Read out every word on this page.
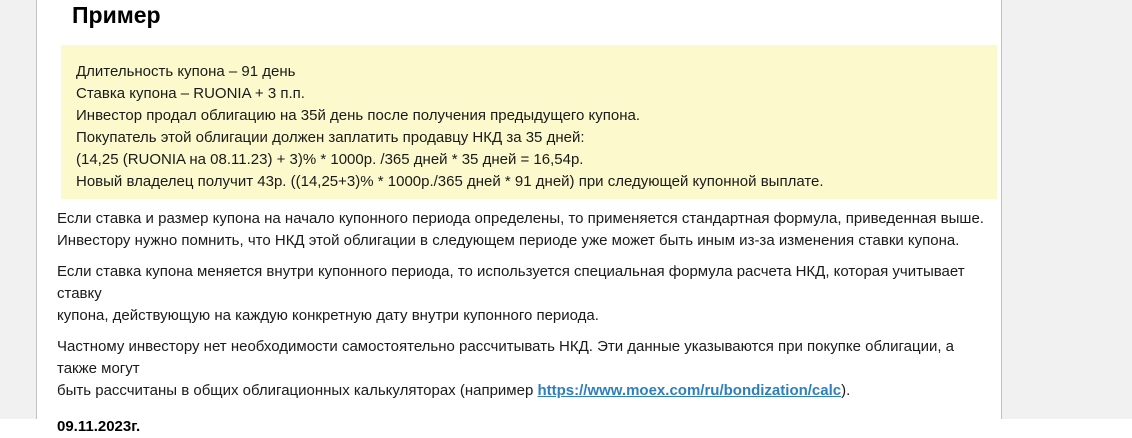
Пример
Длительность купона – 91 день
Ставка купона – RUONIA + 3 п.п.
Инвестор продал облигацию на 35й день после получения предыдущего купона.
Покупатель этой облигации должен заплатить продавцу НКД за 35 дней:
(14,25 (RUONIA на 08.11.23) + 3)% * 1000р. /365 дней * 35 дней = 16,54р.
Новый владелец получит 43р. ((14,25+3)% * 1000р./365 дней * 91 дней) при следующей купонной выплате.

Если ставка и размер купона на начало купонного периода определены, то применяется стандартная формула, приведенная выше.
Инвестору нужно помнить, что НКД этой облигации в следующем периоде уже может быть иным из-за изменения ставки купона.

Если ставка купона меняется внутри купонного периода, то используется специальная формула расчета НКД, которая учитывает ставку
купона, действующую на каждую конкретную дату внутри купонного периода.

Частному инвестору нет необходимости самостоятельно рассчитывать НКД. Эти данные указываются при покупке облигации, а также могут
быть рассчитаны в общих облигационных калькуляторах (например https://www.moex.com/ru/bondization/calc).

09.11.2023г.
